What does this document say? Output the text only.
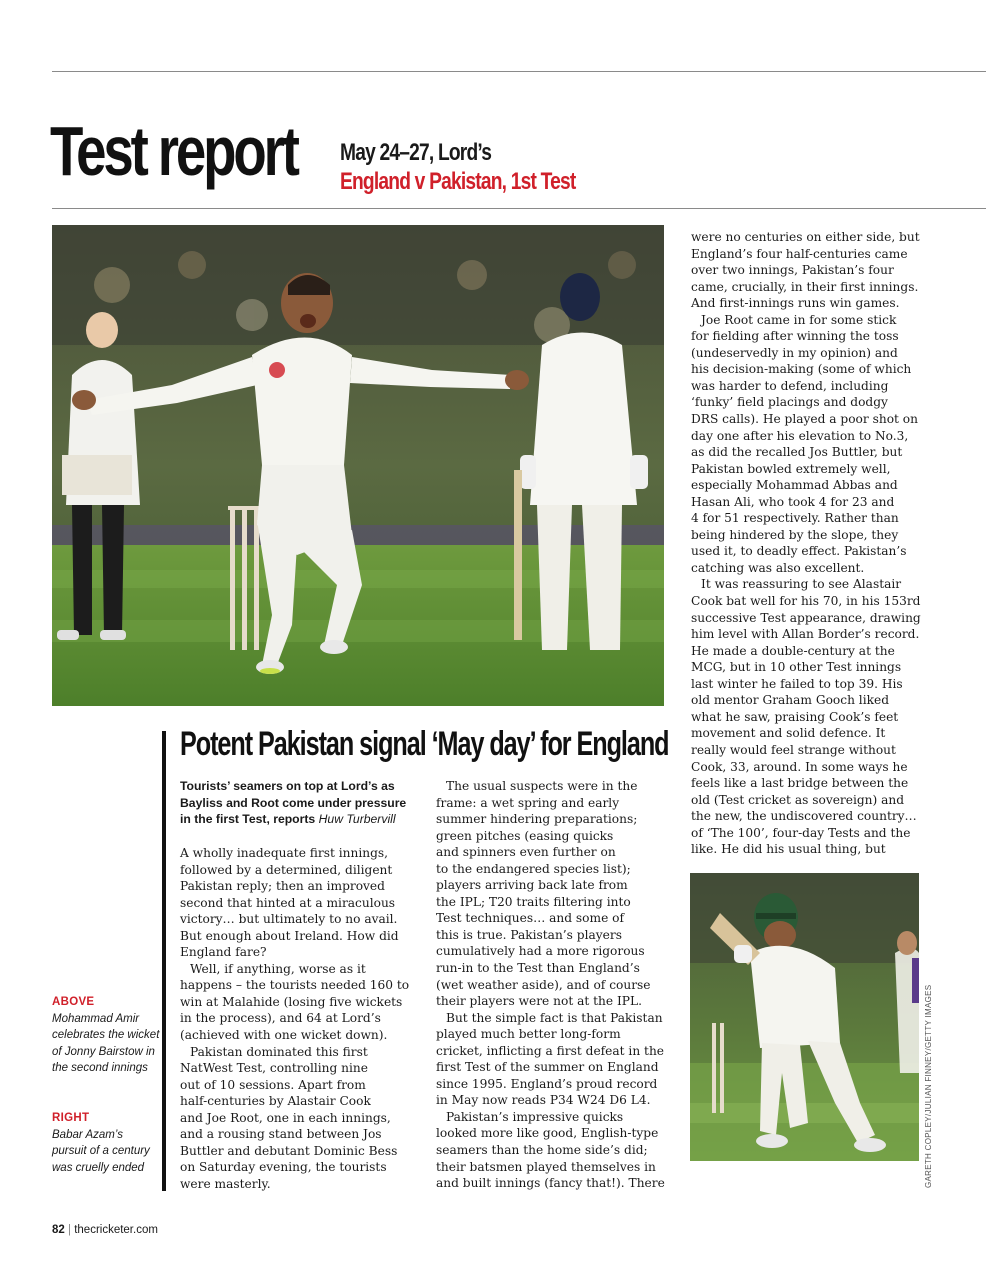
Test report May 24–27, Lord’s
England v Pakistan, 1st Test
GARETH COPLEY/JULIAN FINNEY/GETTY IMAGES
Potent Pakistan signal ‘May day’ for England
Tourists’ seamers on top at Lord’s as Bayliss and Root come under pressure in the first Test, reports Huw Turbervill
A wholly inadequate first innings,
followed by a determined, diligent
Pakistan reply; then an improved
second that hinted at a miraculous
victory… but ultimately to no avail.
But enough about Ireland. How did
England fare?
Well, if anything, worse as it
happens – the tourists needed 160 to
win at Malahide (losing five wickets
in the process), and 64 at Lord’s
(achieved with one wicket down).
Pakistan dominated this first
NatWest Test, controlling nine
out of 10 sessions. Apart from
half-centuries by Alastair Cook
and Joe Root, one in each innings,
and a rousing stand between Jos
Buttler and debutant Dominic Bess
on Saturday evening, the tourists
were masterly.
The usual suspects were in the
frame: a wet spring and early
summer hindering preparations;
green pitches (easing quicks
and spinners even further on
to the endangered species list);
players arriving back late from
the IPL; T20 traits filtering into
Test techniques… and some of
this is true. Pakistan’s players
cumulatively had a more rigorous
run-in to the Test than England’s
(wet weather aside), and of course
their players were not at the IPL.
But the simple fact is that Pakistan
played much better long-form
cricket, inflicting a first defeat in the
first Test of the summer on England
since 1995. England’s proud record
in May now reads P34 W24 D6 L4.
Pakistan’s impressive quicks
looked more like good, English-type
seamers than the home side’s did;
their batsmen played themselves in
and built innings (fancy that!). There
were no centuries on either side, but
England’s four half-centuries came
over two innings, Pakistan’s four
came, crucially, in their first innings.
And first-innings runs win games.
Joe Root came in for some stick
for fielding after winning the toss
(undeservedly in my opinion) and
his decision-making (some of which
was harder to defend, including
‘funky’ field placings and dodgy
DRS calls). He played a poor shot on
day one after his elevation to No.3,
as did the recalled Jos Buttler, but
Pakistan bowled extremely well,
especially Mohammad Abbas and
Hasan Ali, who took 4 for 23 and
4 for 51 respectively. Rather than
being hindered by the slope, they
used it, to deadly effect. Pakistan’s
catching was also excellent.
It was reassuring to see Alastair
Cook bat well for his 70, in his 153rd
successive Test appearance, drawing
him level with Allan Border’s record.
He made a double-century at the
MCG, but in 10 other Test innings
last winter he failed to top 39. His
old mentor Graham Gooch liked
what he saw, praising Cook’s feet
movement and solid defence. It
really would feel strange without
Cook, 33, around. In some ways he
feels like a last bridge between the
old (Test cricket as sovereign) and
the new, the undiscovered country…
of ‘The 100’, four-day Tests and the
like. He did his usual thing, but
ABOVE
Mohammad Amir celebrates the wicket of Jonny Bairstow in the second innings
RIGHT
Babar Azam’s pursuit of a century was cruelly ended
82 | thecricketer.com
